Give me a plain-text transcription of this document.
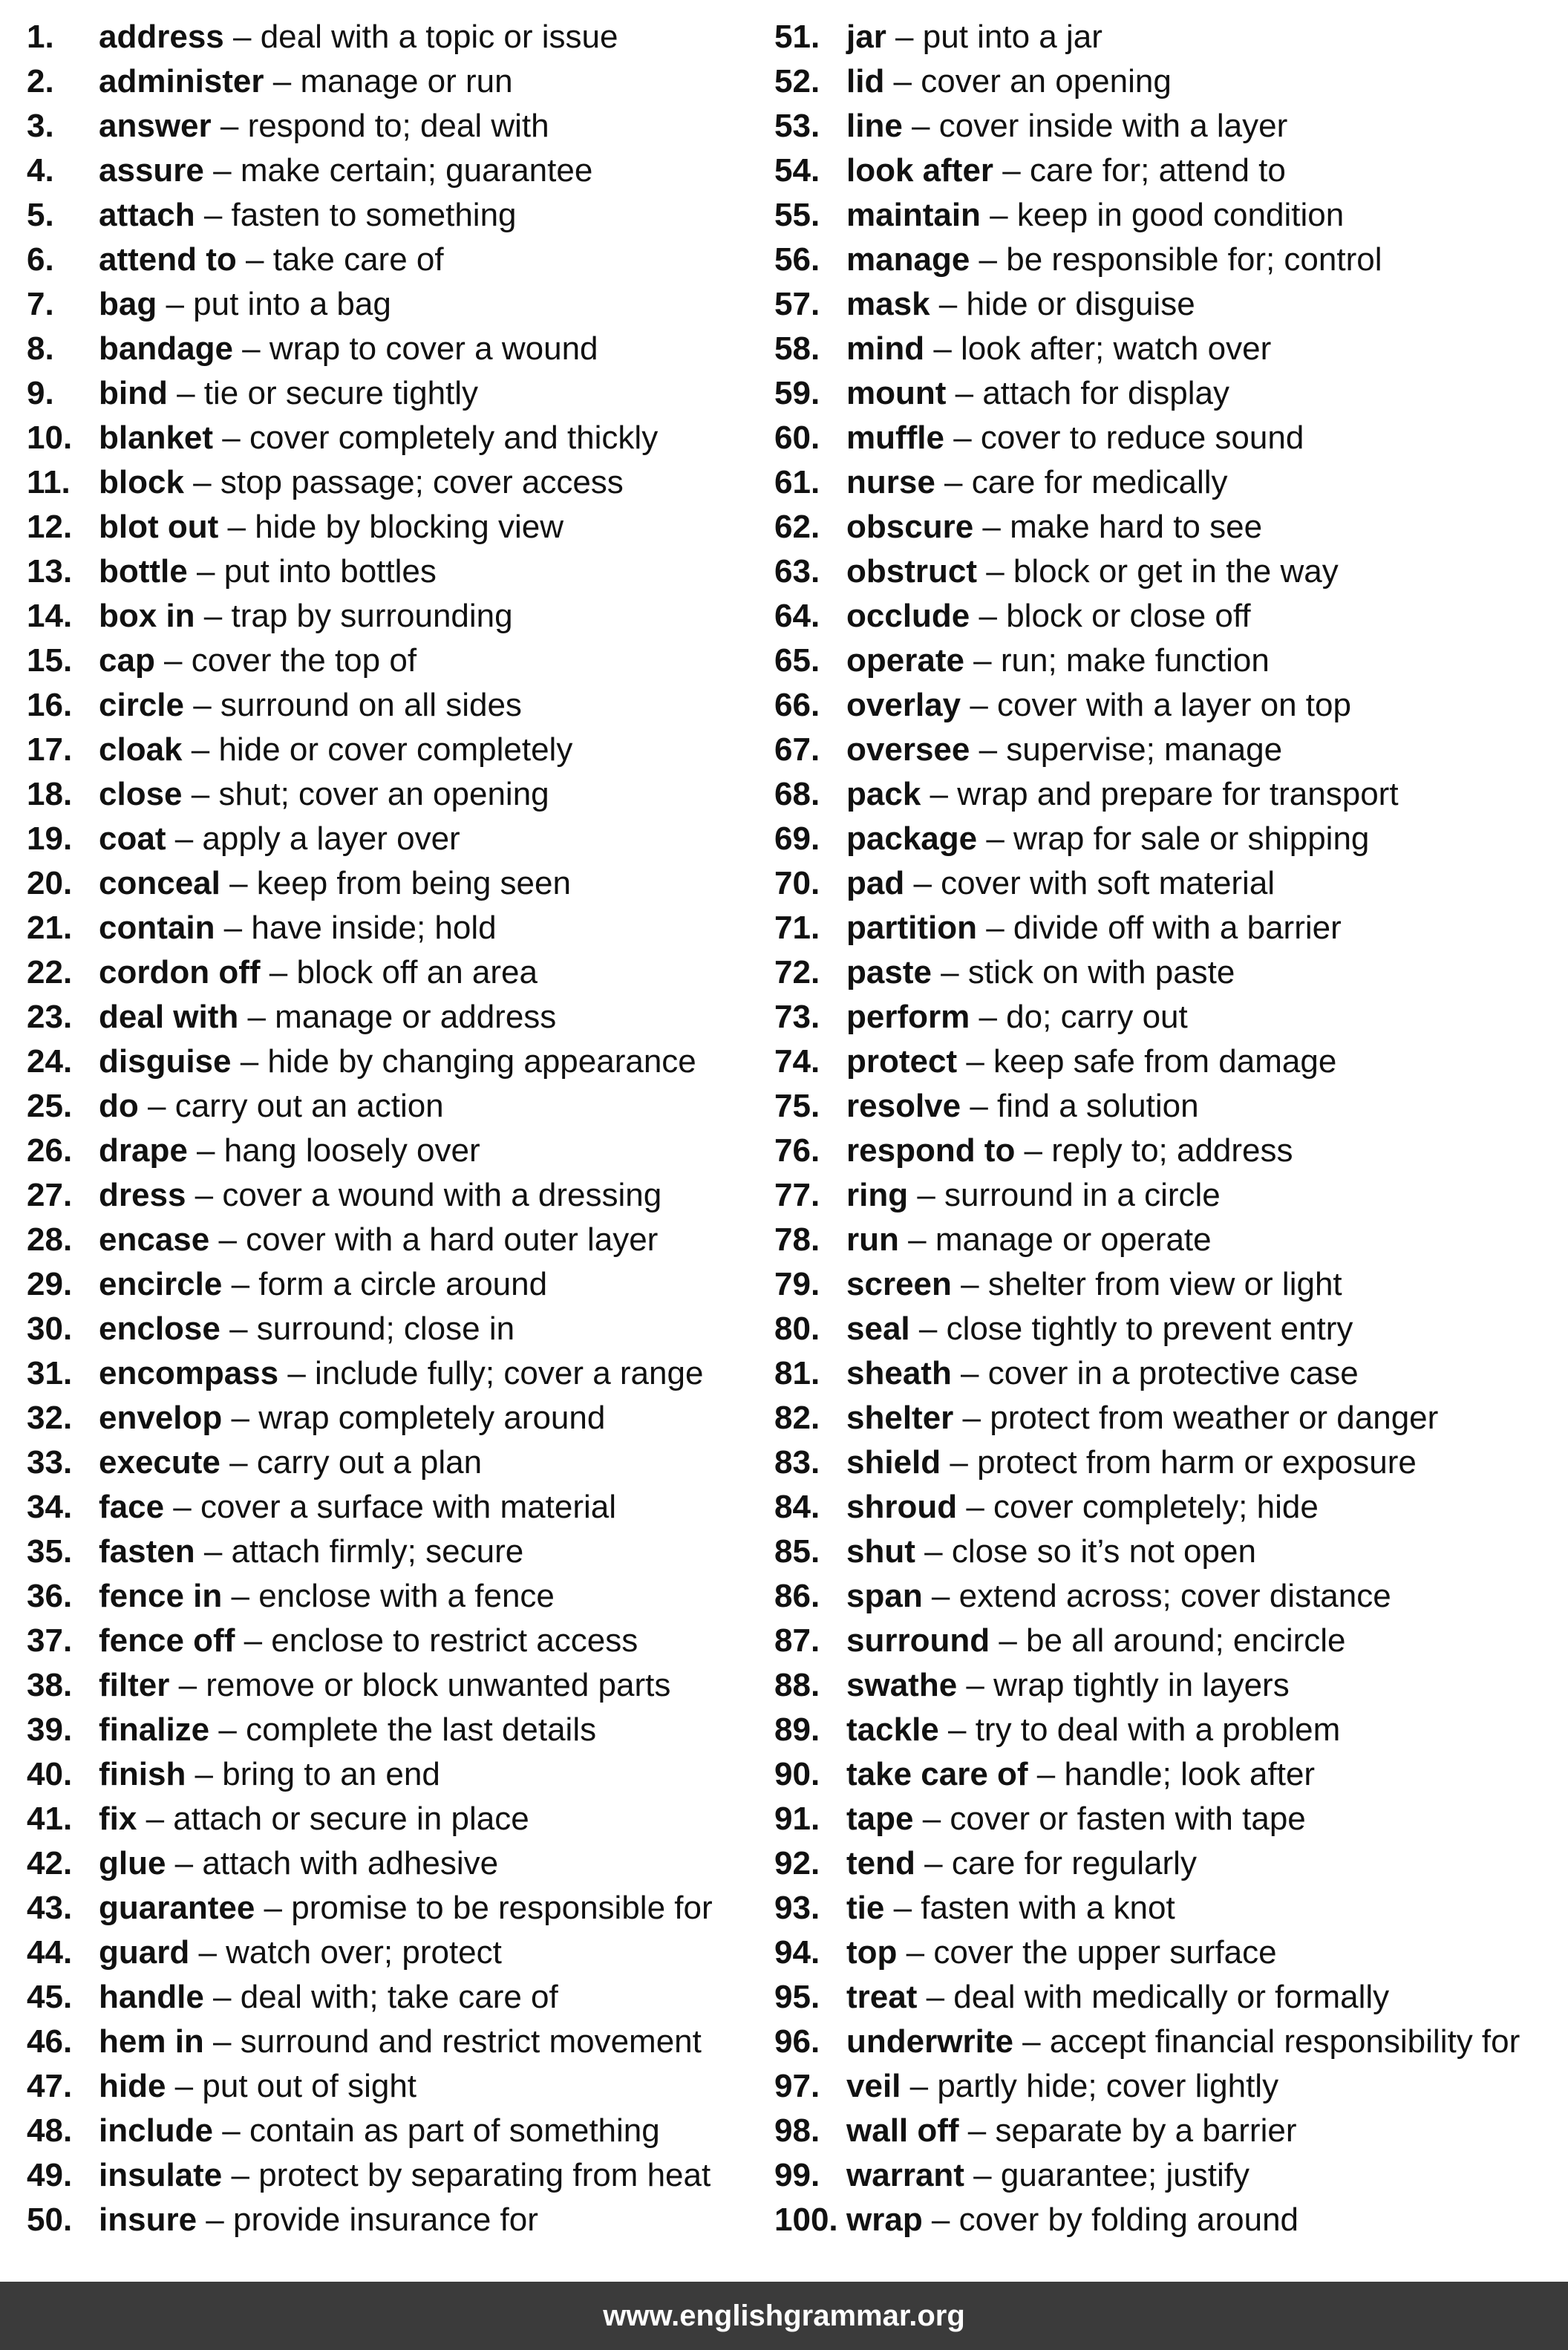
1.	address – deal with a topic or issue
2.	administer – manage or run
3.	answer – respond to; deal with
4.	assure – make certain; guarantee
5.	attach – fasten to something
6.	attend to – take care of
7.	bag – put into a bag
8.	bandage – wrap to cover a wound
9.	bind – tie or secure tightly
10. blanket – cover completely and thickly
11. block – stop passage; cover access
12. blot out – hide by blocking view
13. bottle – put into bottles
14. box in – trap by surrounding
15. cap – cover the top of
16. circle – surround on all sides
17. cloak – hide or cover completely
18. close – shut; cover an opening
19. coat – apply a layer over
20. conceal – keep from being seen
21. contain – have inside; hold
22. cordon off – block off an area
23. deal with – manage or address
24. disguise – hide by changing appearance
25. do – carry out an action
26. drape – hang loosely over
27. dress – cover a wound with a dressing
28. encase – cover with a hard outer layer
29. encircle – form a circle around
30. enclose – surround; close in
31. encompass – include fully; cover a range
32. envelop – wrap completely around
33. execute – carry out a plan
34. face – cover a surface with material
35. fasten – attach firmly; secure
36. fence in – enclose with a fence
37. fence off – enclose to restrict access
38. filter – remove or block unwanted parts
39. finalize – complete the last details
40. finish – bring to an end
41. fix – attach or secure in place
42. glue – attach with adhesive
43. guarantee – promise to be responsible for
44. guard – watch over; protect
45. handle – deal with; take care of
46. hem in – surround and restrict movement
47. hide – put out of sight
48. include – contain as part of something
49. insulate – protect by separating from heat
50. insure – provide insurance for
51. jar – put into a jar
52. lid – cover an opening
53. line – cover inside with a layer
54. look after – care for; attend to
55. maintain – keep in good condition
56. manage – be responsible for; control
57. mask – hide or disguise
58. mind – look after; watch over
59. mount – attach for display
60. muffle – cover to reduce sound
61. nurse – care for medically
62. obscure – make hard to see
63. obstruct – block or get in the way
64. occlude – block or close off
65. operate – run; make function
66. overlay – cover with a layer on top
67. oversee – supervise; manage
68. pack – wrap and prepare for transport
69. package – wrap for sale or shipping
70. pad – cover with soft material
71. partition – divide off with a barrier
72. paste – stick on with paste
73. perform – do; carry out
74. protect – keep safe from damage
75. resolve – find a solution
76. respond to – reply to; address
77. ring – surround in a circle
78. run – manage or operate
79. screen – shelter from view or light
80. seal – close tightly to prevent entry
81. sheath – cover in a protective case
82. shelter – protect from weather or danger
83. shield – protect from harm or exposure
84. shroud – cover completely; hide
85. shut – close so it’s not open
86. span – extend across; cover distance
87. surround – be all around; encircle
88. swathe – wrap tightly in layers
89. tackle – try to deal with a problem
90. take care of – handle; look after
91. tape – cover or fasten with tape
92. tend – care for regularly
93. tie – fasten with a knot
94. top – cover the upper surface
95. treat – deal with medically or formally
96. underwrite – accept financial responsibility for
97. veil – partly hide; cover lightly
98. wall off – separate by a barrier
99. warrant – guarantee; justify
100. wrap – cover by folding around
www.englishgrammar.org
